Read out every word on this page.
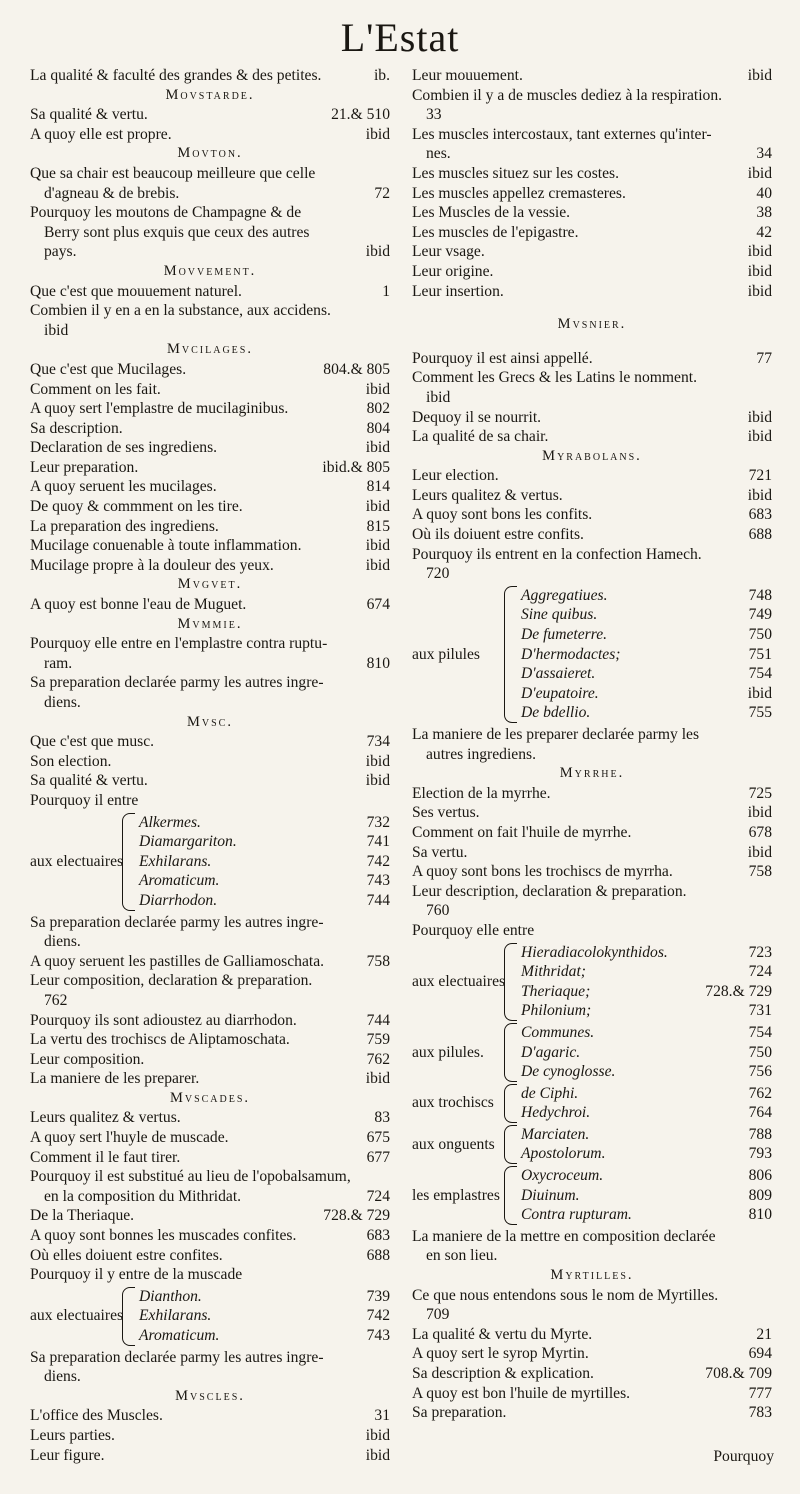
L'Estat
La qualité & faculté des grandes & des petites.	ib.
Movstarde.
Sa qualité & vertu.	21.& 510
A quoy elle est propre.	ibid
Movton.
Que sa chair est beaucoup meilleure que celle
d'agneau & de brebis.	72
Pourquoy les moutons de Champagne & de
Berry sont plus exquis que ceux des autres
pays.	ibid
Movvement.
Que c'est que mouuement naturel.	1
Combien il y en a en la substance, aux accidens.
ibid
Mvcilages.
Que c'est que Mucilages.	804.& 805
Comment on les fait.	ibid
A quoy sert l'emplastre de mucilaginibus.	802
Sa description.	804
Declaration de ses ingrediens.	ibid
Leur preparation.	ibid.& 805
A quoy seruent les mucilages.	814
De quoy & commment on les tire.	ibid
La preparation des ingrediens.	815
Mucilage conuenable à toute inflammation.	ibid
Mucilage propre à la douleur des yeux.	ibid
Mvgvet.
A quoy est bonne l'eau de Muguet.	674
Mvmmie.
Pourquoy elle entre en l'emplastre contra ruptu-
ram.	810
Sa preparation declarée parmy les autres ingre-
diens.
Mvsc.
Que c'est que musc.	734
Son election.	ibid
Sa qualité & vertu.	ibid
Pourquoy il entre
aux electuaires
Alkermes.	732
Diamargariton.	741
Exhilarans.	742
Aromaticum.	743
Diarrhodon.	744
Sa preparation declarée parmy les autres ingre-
diens.
A quoy seruent les pastilles de Galliamoschata.	758
Leur composition, declaration & preparation.
762
Pourquoy ils sont adioustez au diarrhodon.	744
La vertu des trochiscs de Aliptamoschata.	759
Leur composition.	762
La maniere de les preparer.	ibid
Mvscades.
Leurs qualitez & vertus.	83
A quoy sert l'huyle de muscade.	675
Comment il le faut tirer.	677
Pourquoy il est substitué au lieu de l'opobalsamum,
en la composition du Mithridat.	724
De la Theriaque.	728.& 729
A quoy sont bonnes les muscades confites.	683
Où elles doiuent estre confites.	688
Pourquoy il y entre de la muscade
aux electuaires
Dianthon.	739
Exhilarans.	742
Aromaticum.	743
Sa preparation declarée parmy les autres ingre-
diens.
Mvscles.
L'office des Muscles.	31
Leurs parties.	ibid
Leur figure.	ibid
Leur mouuement.	ibid
Combien il y a de muscles dediez à la respiration.
33
Les muscles intercostaux, tant externes qu'inter-
nes.	34
Les muscles situez sur les costes.	ibid
Les muscles appellez cremasteres.	40
Les Muscles de la vessie.	38
Les muscles de l'epigastre.	42
Leur vsage.	ibid
Leur origine.	ibid
Leur insertion.	ibid
Mvsnier.
Pourquoy il est ainsi appellé.	77
Comment les Grecs & les Latins le nomment.
ibid
Dequoy il se nourrit.	ibid
La qualité de sa chair.	ibid
Myrabolans.
Leur election.	721
Leurs qualitez & vertus.	ibid
A quoy sont bons les confits.	683
Où ils doiuent estre confits.	688
Pourquoy ils entrent en la confection Hamech.
720
aux pilules
Aggregatiues.	748
Sine quibus.	749
De fumeterre.	750
D'hermodactes;	751
D'assaieret.	754
D'eupatoire.	ibid
De bdellio.	755
La maniere de les preparer declarée parmy les
autres ingrediens.
Myrrhe.
Election de la myrrhe.	725
Ses vertus.	ibid
Comment on fait l'huile de myrrhe.	678
Sa vertu.	ibid
A quoy sont bons les trochiscs de myrrha.	758
Leur description, declaration & preparation.
760
Pourquoy elle entre
aux electuaires
Hieradiacolokynthidos.	723
Mithridat;	724
Theriaque;	728.& 729
Philonium;	731
aux pilules.
Communes.	754
D'agaric.	750
De cynoglosse.	756
aux trochiscs
de Ciphi.	762
Hedychroi.	764
aux onguents
Marciaten.	788
Apostolorum.	793
les emplastres
Oxycroceum.	806
Diuinum.	809
Contra rupturam.	810
La maniere de la mettre en composition declarée
en son lieu.
Myrtilles.
Ce que nous entendons sous le nom de Myrtilles.
709
La qualité & vertu du Myrte.	21
A quoy sert le syrop Myrtin.	694
Sa description & explication.	708.& 709
A quoy est bon l'huile de myrtilles.	777
Sa preparation.	783
Pourquoy
